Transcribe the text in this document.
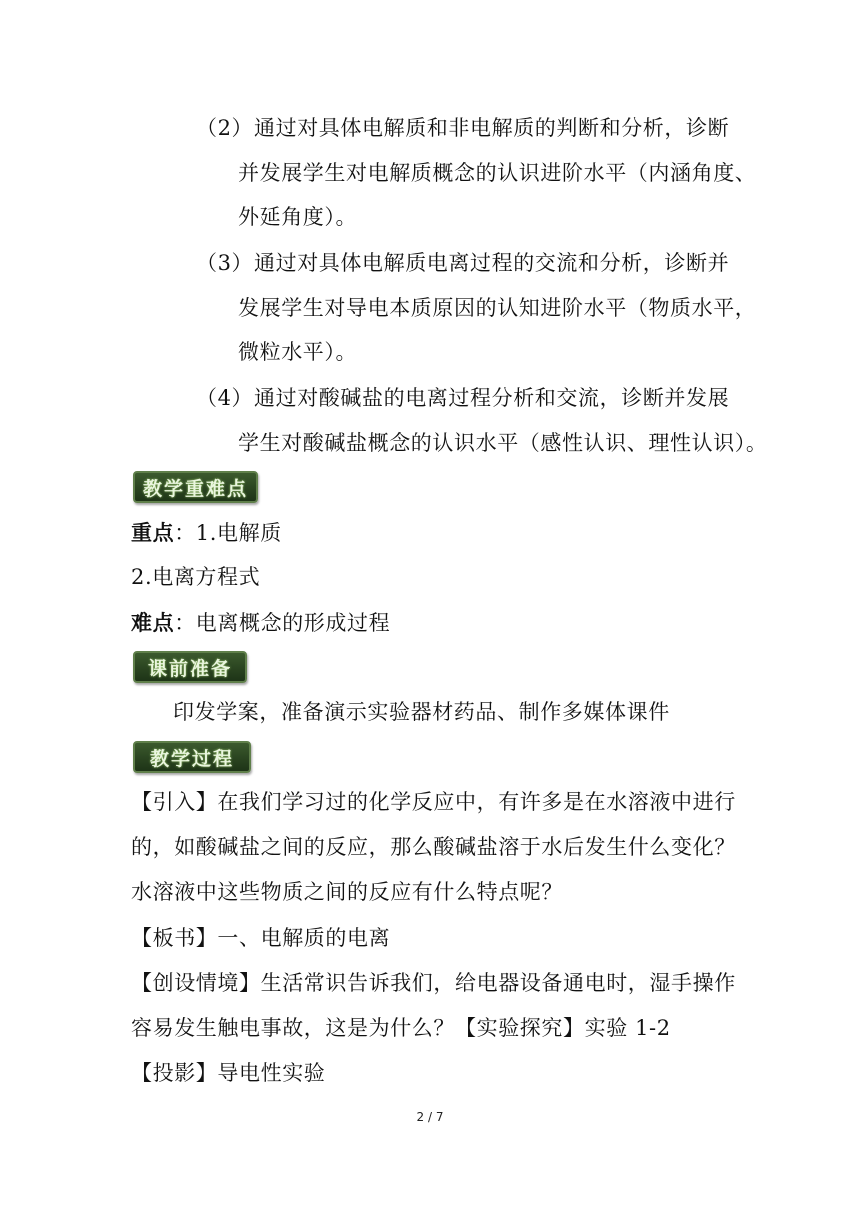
（2）通过对具体电解质和非电解质的判断和分析，诊断
并发展学生对电解质概念的认识进阶水平（内涵角度、
外延角度）。
（3）通过对具体电解质电离过程的交流和分析，诊断并
发展学生对导电本质原因的认知进阶水平（物质水平，
微粒水平）。
（4）通过对酸碱盐的电离过程分析和交流，诊断并发展
学生对酸碱盐概念的认识水平（感性认识、理性认识）。
教学重难点
重点：1.电解质
2.电离方程式
难点：电离概念的形成过程
课前准备
印发学案，准备演示实验器材药品、制作多媒体课件
教学过程
【引入】在我们学习过的化学反应中，有许多是在水溶液中进行
的，如酸碱盐之间的反应，那么酸碱盐溶于水后发生什么变化？
水溶液中这些物质之间的反应有什么特点呢？
【板书】一、电解质的电离
【创设情境】生活常识告诉我们，给电器设备通电时，湿手操作
容易发生触电事故，这是为什么？【实验探究】实验 1-2
【投影】导电性实验
2 / 7
